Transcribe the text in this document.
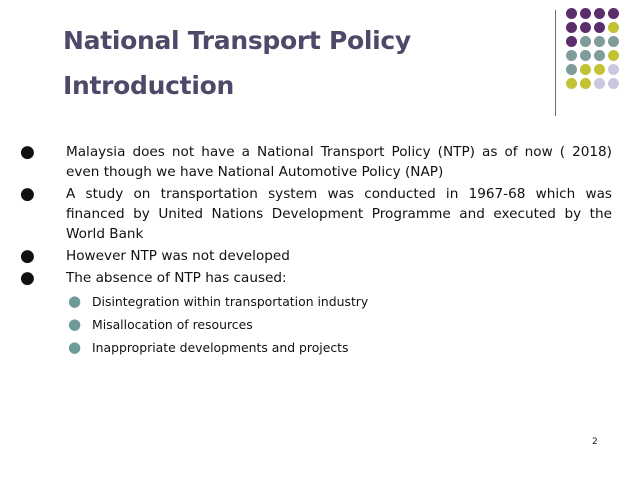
National Transport Policy
Introduction
● Malaysia does not have a National Transport Policy (NTP) as of now ( 2018) even though we have National Automotive Policy (NAP)
● A study on transportation system was conducted in 1967-68 which was financed by United Nations Development Programme and executed by the World Bank
● However NTP was not developed
● The absence of NTP has caused:
● Disintegration within transportation industry
● Misallocation of resources
● Inappropriate developments and projects
2
